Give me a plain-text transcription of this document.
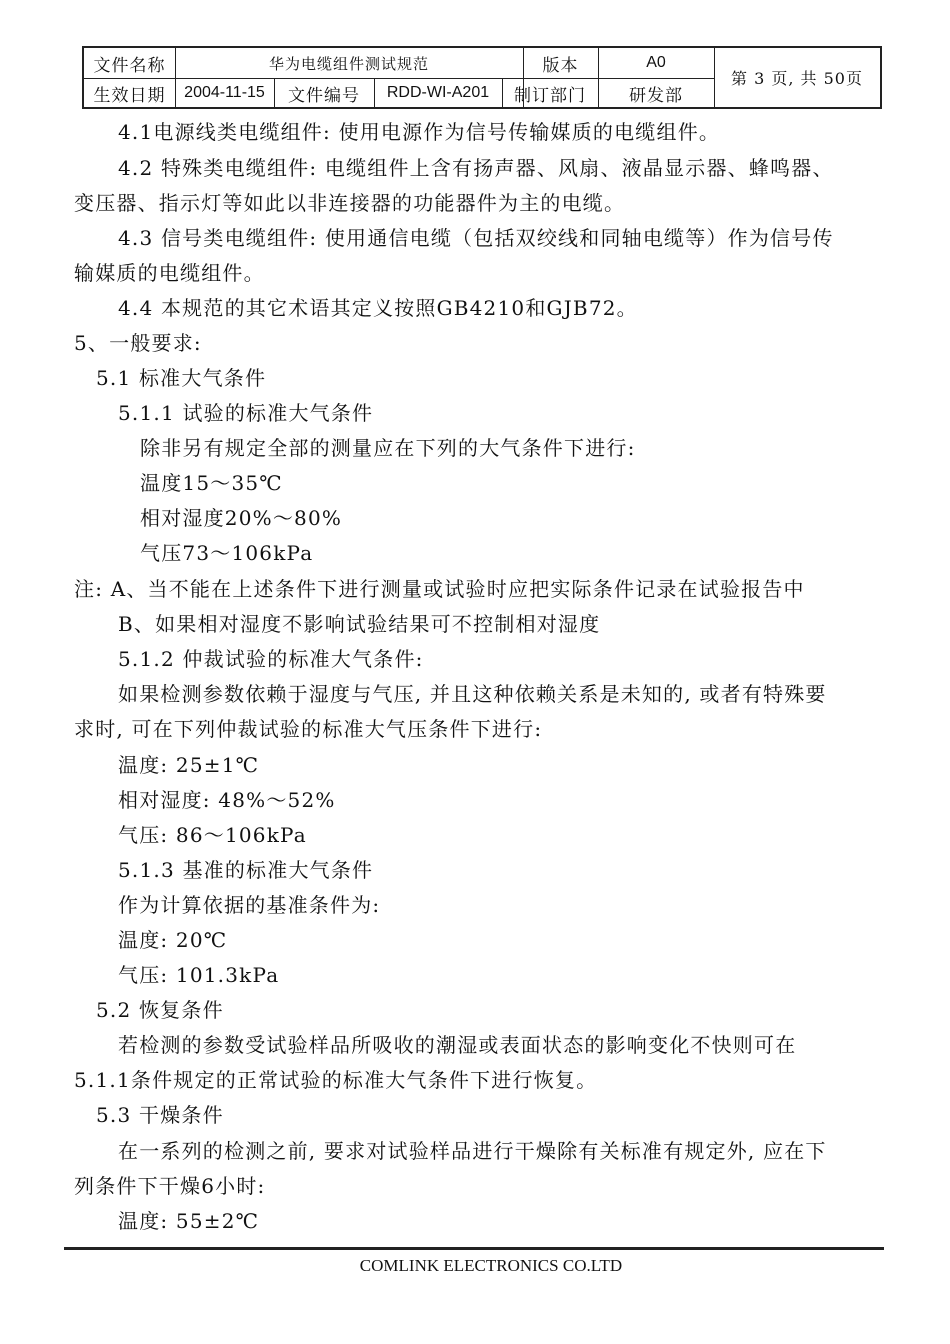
文件名称	华为电缆组件测试规范	版本	A0
第 3 页, 共 50页
生效日期	2004-11-15	文件编号	RDD-WI-A201	制订部门	研发部
4.1电源线类电缆组件: 使用电源作为信号传输媒质的电缆组件。
4.2 特殊类电缆组件: 电缆组件上含有扬声器、风扇、液晶显示器、蜂鸣器、
变压器、指示灯等如此以非连接器的功能器件为主的电缆。
4.3 信号类电缆组件: 使用通信电缆（包括双绞线和同轴电缆等）作为信号传
输媒质的电缆组件。
4.4 本规范的其它术语其定义按照GB4210和GJB72。
5、一般要求:
5.1 标准大气条件
5.1.1 试验的标准大气条件
除非另有规定全部的测量应在下列的大气条件下进行:
温度15～35℃
相对湿度20%～80%
气压73～106kPa
注: A、当不能在上述条件下进行测量或试验时应把实际条件记录在试验报告中
B、如果相对湿度不影响试验结果可不控制相对湿度
5.1.2 仲裁试验的标准大气条件:
如果检测参数依赖于湿度与气压, 并且这种依赖关系是未知的, 或者有特殊要
求时, 可在下列仲裁试验的标准大气压条件下进行:
温度: 25±1℃
相对湿度: 48%～52%
气压: 86～106kPa
5.1.3 基准的标准大气条件
作为计算依据的基准条件为:
温度: 20℃
气压: 101.3kPa
5.2 恢复条件
若检测的参数受试验样品所吸收的潮湿或表面状态的影响变化不快则可在
5.1.1条件规定的正常试验的标准大气条件下进行恢复。
5.3 干燥条件
在一系列的检测之前, 要求对试验样品进行干燥除有关标准有规定外, 应在下
列条件下干燥6小时:
温度: 55±2℃
COMLINK ELECTRONICS CO.LTD
